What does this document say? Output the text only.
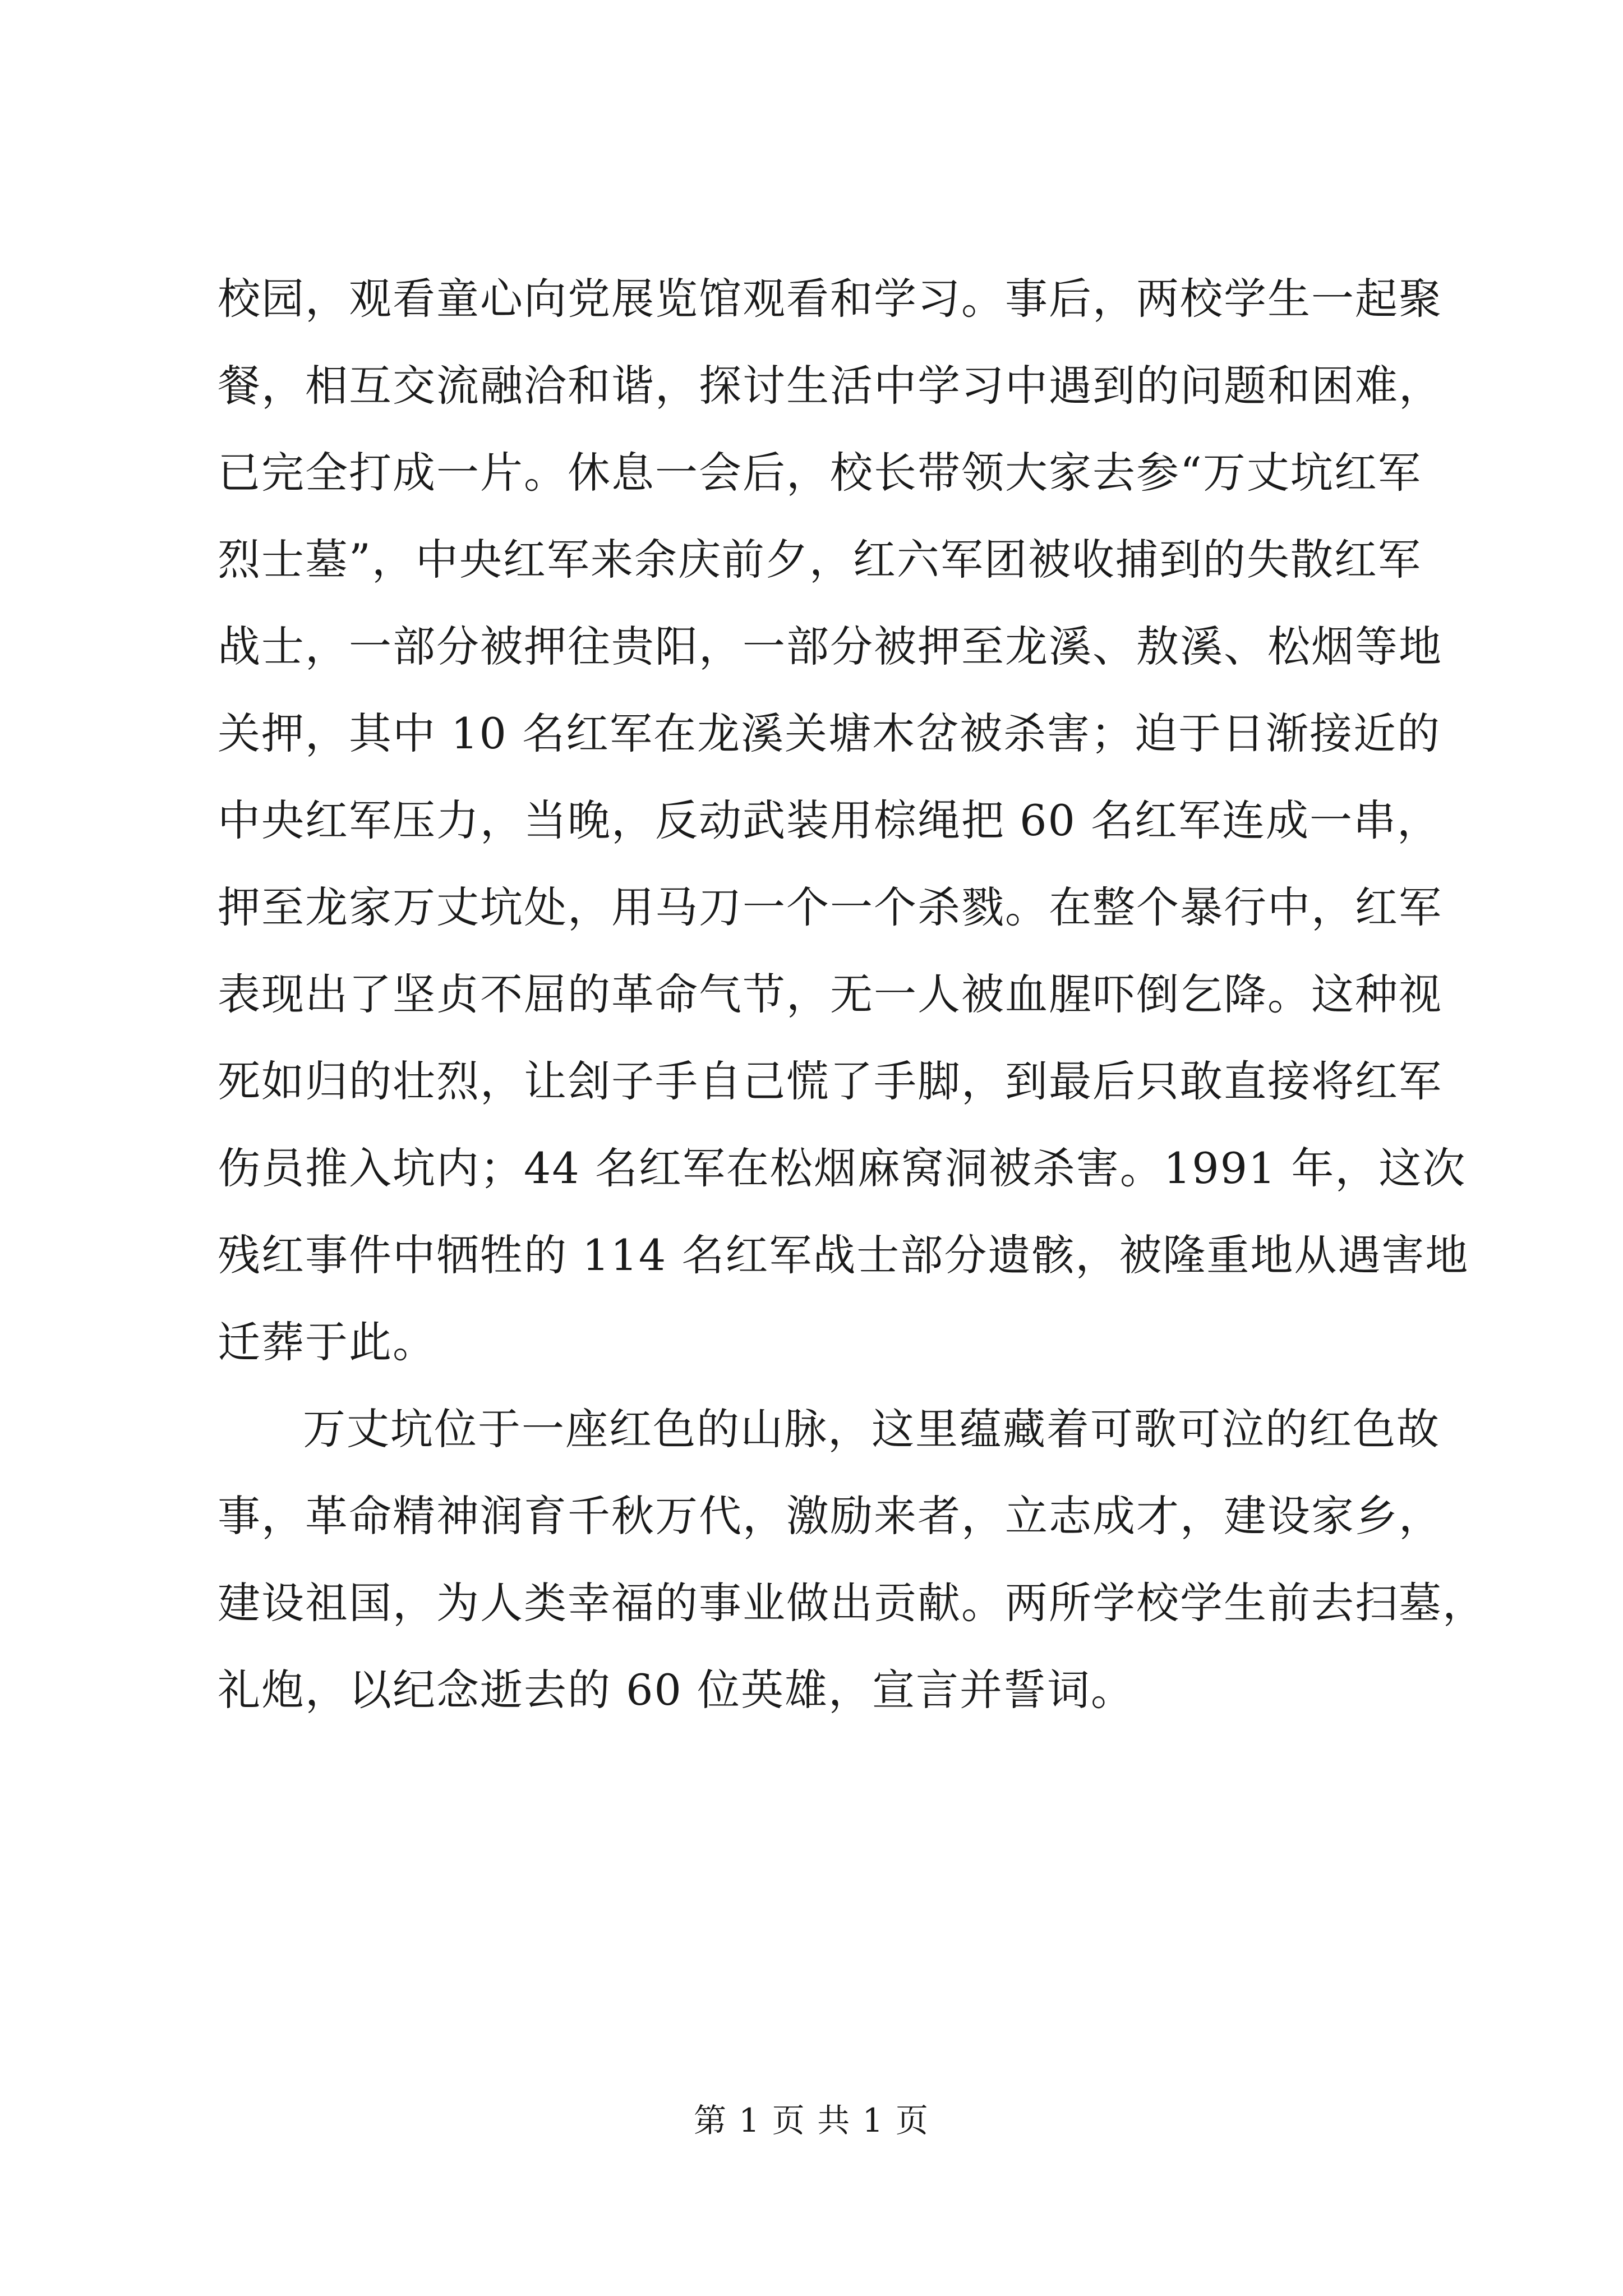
校园，观看童心向党展览馆观看和学习。事后，两校学生一起聚
餐，相互交流融洽和谐，探讨生活中学习中遇到的问题和困难，
已完全打成一片。休息一会后，校长带领大家去参“万丈坑红军
烈士墓”，中央红军来余庆前夕，红六军团被收捕到的失散红军
战士，一部分被押往贵阳，一部分被押至龙溪、敖溪、松烟等地
关押，其中 10 名红军在龙溪关塘木岔被杀害；迫于日渐接近的
中央红军压力，当晚，反动武装用棕绳把 60 名红军连成一串，
押至龙家万丈坑处，用马刀一个一个杀戮。在整个暴行中，红军
表现出了坚贞不屈的革命气节，无一人被血腥吓倒乞降。这种视
死如归的壮烈，让刽子手自己慌了手脚，到最后只敢直接将红军
伤员推入坑内；44 名红军在松烟麻窝洞被杀害。1991 年，这次
残红事件中牺牲的 114 名红军战士部分遗骸，被隆重地从遇害地
迁葬于此。
万丈坑位于一座红色的山脉，这里蕴藏着可歌可泣的红色故
事，革命精神润育千秋万代，激励来者，立志成才，建设家乡，
建设祖国，为人类幸福的事业做出贡献。两所学校学生前去扫墓，
礼炮，以纪念逝去的 60 位英雄，宣言并誓词。
第 1 页 共 1 页
